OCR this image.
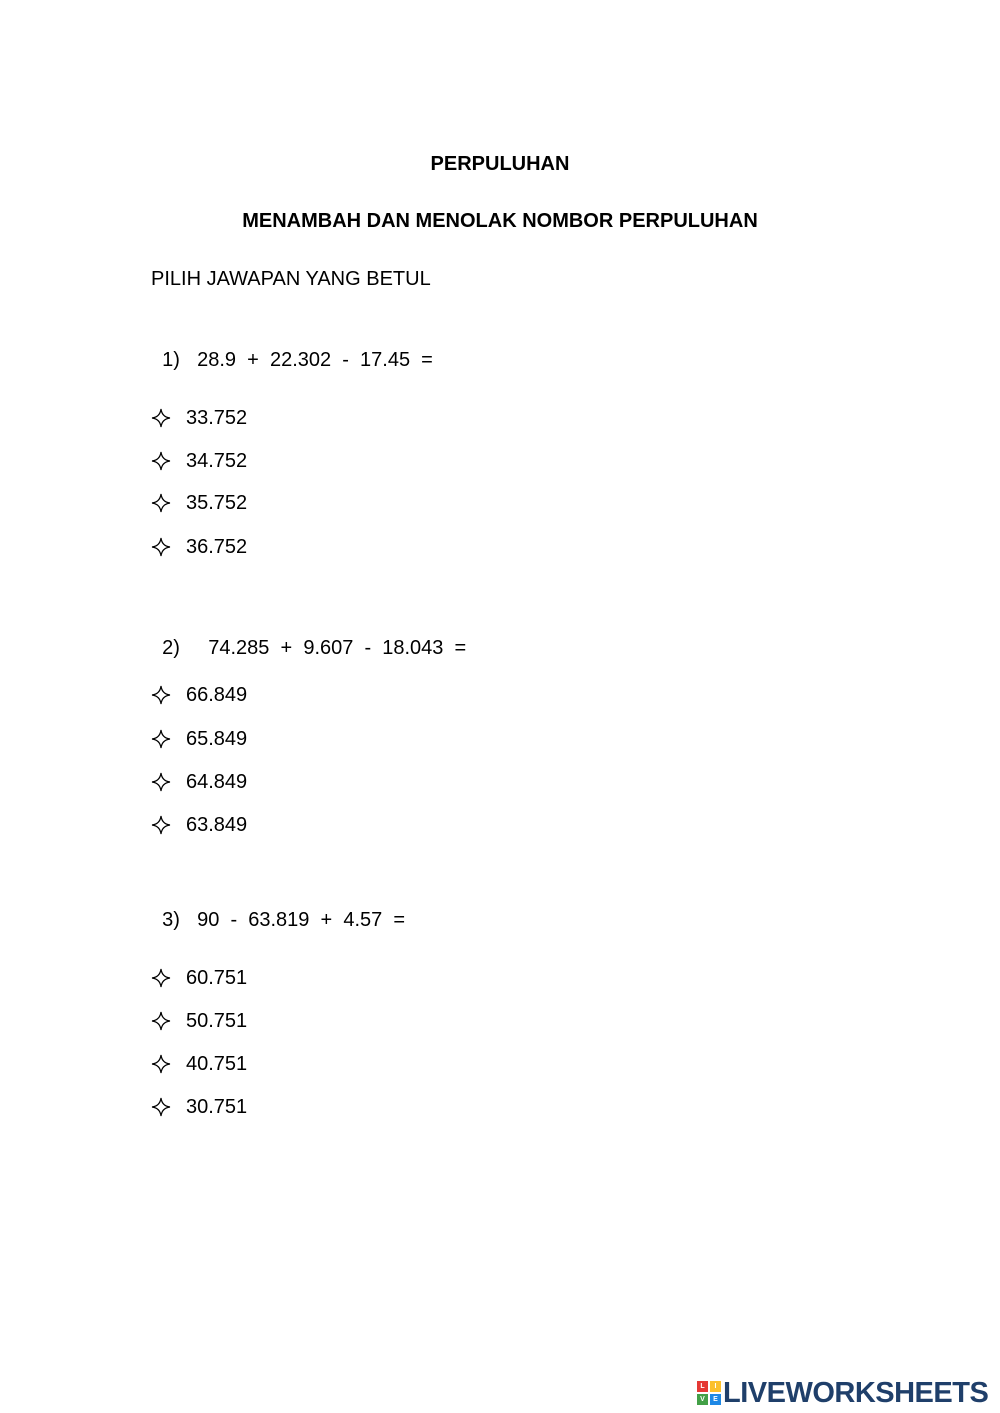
PERPULUHAN
MENAMBAH DAN MENOLAK NOMBOR PERPULUHAN
PILIH JAWAPAN YANG BETUL

1) 28.9  +  22.302  -  17.45  =

33.752
34.752
35.752
36.752

2)  74.285  +  9.607  -  18.043  =

66.849
65.849
64.849
63.849

3) 90  -  63.819  +  4.57  =

60.751
50.751
40.751
30.751
L	I
V	E LIVEWORKSHEETS
